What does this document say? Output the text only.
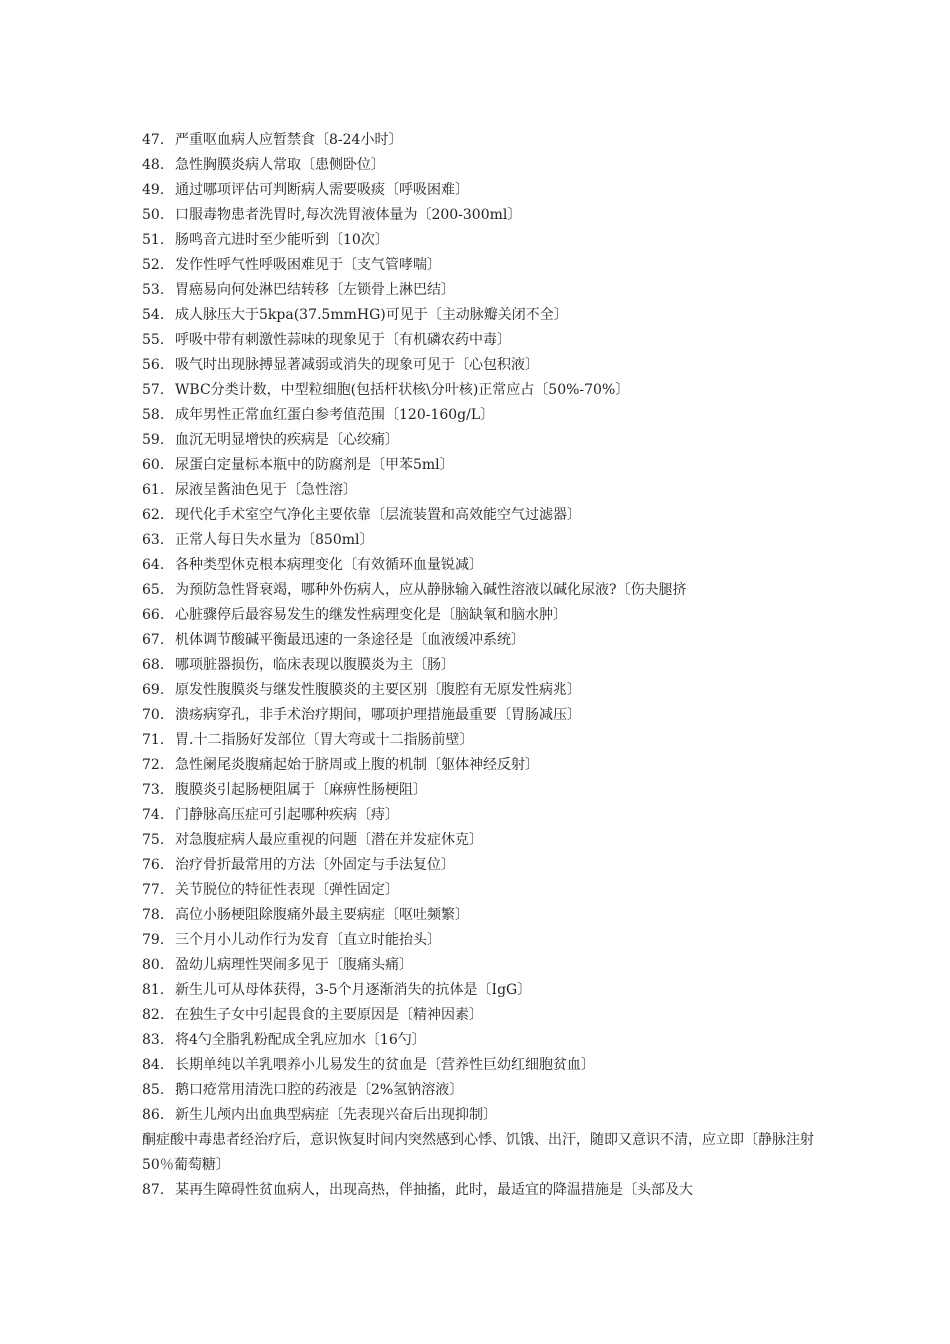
47. 严重呕血病人应暂禁食〔8-24小时〕
48. 急性胸膜炎病人常取〔患侧卧位〕
49. 通过哪项评估可判断病人需要吸痰〔呼吸困难〕
50. 口服毒物患者洗胃时,每次洗胃液体量为〔200-300ml〕
51. 肠鸣音亢进时至少能听到〔10次〕
52. 发作性呼气性呼吸困难见于〔支气管哮喘〕
53. 胃癌易向何处淋巴结转移〔左锁骨上淋巴结〕
54. 成人脉压大于5kpa(37.5mmHG)可见于〔主动脉瓣关闭不全〕
55. 呼吸中带有刺激性蒜味的现象见于〔有机磷农药中毒〕
56. 吸气时出现脉搏显著减弱或消失的现象可见于〔心包积液〕
57. WBC分类计数，中型粒细胞(包括杆状核\分叶核)正常应占〔50%-70%〕
58. 成年男性正常血红蛋白参考值范围〔120-160g/L〕
59. 血沉无明显增快的疾病是〔心绞痛〕
60. 尿蛋白定量标本瓶中的防腐剂是〔甲苯5ml〕
61. 尿液呈酱油色见于〔急性溶〕
62. 现代化手术室空气净化主要依靠〔层流装置和高效能空气过滤器〕
63. 正常人每日失水量为〔850ml〕
64. 各种类型休克根本病理变化〔有效循环血量锐减〕
65. 为预防急性肾衰竭，哪种外伤病人，应从静脉输入碱性溶液以碱化尿液?〔伤夬腿挤
66. 心脏骤停后最容易发生的继发性病理变化是〔脑缺氧和脑水肿〕
67. 机体调节酸碱平衡最迅速的一条途径是〔血液缓冲系统〕
68. 哪项脏器损伤，临床表现以腹膜炎为主〔肠〕
69. 原发性腹膜炎与继发性腹膜炎的主要区别〔腹腔有无原发性病兆〕
70. 溃疡病穿孔，非手术治疗期间，哪项护理措施最重要〔胃肠减压〕
71. 胃.十二指肠好发部位〔胃大弯或十二指肠前壁〕
72. 急性阑尾炎腹痛起始于脐周或上腹的机制〔躯体神经反射〕
73. 腹膜炎引起肠梗阻属于〔麻痹性肠梗阻〕
74. 门静脉高压症可引起哪种疾病〔痔〕
75. 对急腹症病人最应重视的问题〔潜在并发症休克〕
76. 治疗骨折最常用的方法〔外固定与手法复位〕
77. 关节脱位的特征性表现〔弹性固定〕
78. 高位小肠梗阻除腹痛外最主要病症〔呕吐频繁〕
79. 三个月小儿动作行为发育〔直立时能抬头〕
80. 盈幼儿病理性哭闹多见于〔腹痛头痛〕
81. 新生儿可从母体获得，3-5个月逐渐消失的抗体是〔IgG〕
82. 在独生子女中引起畏食的主要原因是〔精神因素〕
83. 将4勺全脂乳粉配成全乳应加水〔16勺〕
84. 长期单纯以羊乳喂养小儿易发生的贫血是〔营养性巨幼红细胞贫血〕
85. 鹅口疮常用清洗口腔的药液是〔2%氢钠溶液〕
86. 新生儿颅内出血典型病症〔先表现兴奋后出现抑制〕
酮症酸中毒患者经治疗后，意识恢复时间内突然感到心悸、饥饿、出汗，随即又意识不清，应立即〔静脉注射50％葡萄糖〕
87. 某再生障碍性贫血病人，出现高热，伴抽搐，此时，最适宜的降温措施是〔头部及大
